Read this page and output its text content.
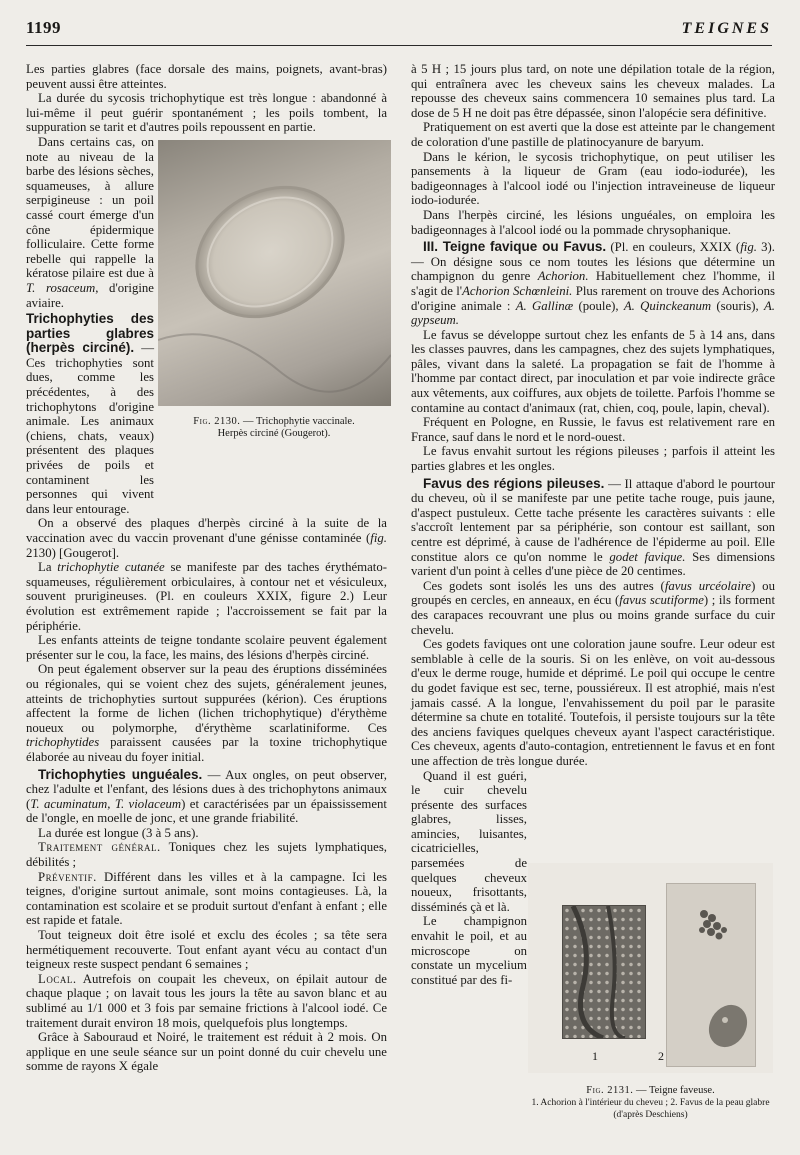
1199	TEIGNES
Fig. 2130. — Trichophytie vaccinale.
Herpès circiné (Gougerot).
1	2
Fig. 2131. — Teigne faveuse.
1. Achorion à l'intérieur du cheveu ; 2. Favus de la peau glabre (d'après Deschiens)

Les parties glabres (face dorsale des mains, poignets, avant-bras) peuvent aussi être atteintes.

La durée du sycosis trichophytique est très longue : abandonné à lui-même il peut guérir spontanément ; les poils tombent, la suppuration se tarit et d'autres poils repoussent en partie.

Dans certains cas, on note au niveau de la barbe des lésions sèches, squameuses, à allure serpigineuse : un poil cassé court émerge d'un cône épidermique folliculaire. Cette forme rebelle qui rappelle la kératose pilaire est due à T. rosaceum, d'origine aviaire.

Trichophyties des parties glabres (herpès circiné). — Ces trichophyties sont dues, comme les précédentes, à des trichophytons d'origine animale. Les animaux (chiens, chats, veaux) présentent des plaques privées de poils et contaminent les personnes qui vivent dans leur entourage.

On a observé des plaques d'herpès circiné à la suite de la vaccination avec du vaccin provenant d'une génisse contaminée (fig. 2130) [Gougerot].

La trichophytie cutanée se manifeste par des taches érythémato-squameuses, régulièrement orbiculaires, à contour net et vésiculeux, souvent prurigineuses. (Pl. en couleurs XXIX, figure 2.) Leur évolution est extrêmement rapide ; l'accroissement se fait par la périphérie.

Les enfants atteints de teigne tondante scolaire peuvent également présenter sur le cou, la face, les mains, des lésions d'herpès circiné.

On peut également observer sur la peau des éruptions disséminées ou régionales, qui se voient chez des sujets, généralement jeunes, atteints de trichophyties surtout suppurées (kérion). Ces éruptions affectent la forme de lichen (lichen trichophytique) d'érythème noueux ou polymorphe, d'érythème scarlatiniforme. Ces trichophytides paraissent causées par la toxine trichophytique élaborée au niveau du foyer initial.

Trichophyties unguéales. — Aux ongles, on peut observer, chez l'adulte et l'enfant, des lésions dues à des trichophytons animaux (T. acuminatum, T. violaceum) et caractérisées par un épaississement de l'ongle, en moelle de jonc, et une grande friabilité.

La durée est longue (3 à 5 ans).

Traitement général. Toniques chez les sujets lymphatiques, débilités ;

Préventif. Différent dans les villes et à la campagne. Ici les teignes, d'origine surtout animale, sont moins contagieuses. Là, la contamination est scolaire et se produit surtout d'enfant à enfant ; elle est rapide et fatale.

Tout teigneux doit être isolé et exclu des écoles ; sa tête sera hermétiquement recouverte. Tout enfant ayant vécu au contact d'un teigneux reste suspect pendant 6 semaines ;

Local. Autrefois on coupait les cheveux, on épilait autour de chaque plaque ; on lavait tous les jours la tête au savon blanc et au sublimé au 1/1 000 et 3 fois par semaine frictions à l'alcool iodé. Ce traitement durait environ 18 mois, quelquefois plus longtemps.

Grâce à Sabouraud et Noiré, le traitement est réduit à 2 mois. On applique en une seule séance sur un point donné du cuir chevelu une somme de rayons X égale

à 5 H ; 15 jours plus tard, on note une dépilation totale de la région, qui entraînera avec les cheveux sains les cheveux malades. La repousse des cheveux sains commencera 10 semaines plus tard. La dose de 5 H ne doit pas être dépassée, sinon l'alopécie sera définitive.

Pratiquement on est averti que la dose est atteinte par le changement de coloration d'une pastille de platinocyanure de baryum.

Dans le kérion, le sycosis trichophytique, on peut utiliser les pansements à la liqueur de Gram (eau iodo-iodurée), les badigeonnages à l'alcool iodé ou l'injection intraveineuse de liqueur iodo-iodurée.

Dans l'herpès circiné, les lésions unguéales, on emploira les badigeonnages à l'alcool iodé ou la pommade chrysophanique.

III. Teigne favique ou Favus. (Pl. en couleurs, XXIX (fig. 3). — On désigne sous ce nom toutes les lésions que détermine un champignon du genre Achorion. Habituellement chez l'homme, il s'agit de l'Achorion Schœnleini. Plus rarement on trouve des Achorions d'origine animale : A. Gallinæ (poule), A. Quinckeanum (souris), A. gypseum.

Le favus se développe surtout chez les enfants de 5 à 14 ans, dans les classes pauvres, dans les campagnes, chez des sujets lymphatiques, pâles, vivant dans la saleté. La propagation se fait de l'homme à l'homme par contact direct, par inoculation et par voie indirecte grâce aux vêtements, aux coiffures, aux objets de toilette. Parfois l'homme se contamine au contact d'animaux (rat, chien, coq, poule, lapin, cheval).

Fréquent en Pologne, en Russie, le favus est relativement rare en France, sauf dans le nord et le nord-ouest.

Le favus envahit surtout les régions pileuses ; parfois il atteint les parties glabres et les ongles.

Favus des régions pileuses. — Il attaque d'abord le pourtour du cheveu, où il se manifeste par une petite tache rouge, puis jaune, d'aspect pustuleux. Cette tache présente les caractères suivants : elle s'accroît lentement par sa périphérie, son contour est saillant, son centre est déprimé, à cause de l'adhérence de l'épiderme au poil. Elle constitue alors ce qu'on nomme le godet favique. Ses dimensions varient d'un point à celles d'une pièce de 20 centimes.

Ces godets sont isolés les uns des autres (favus urcéolaire) ou groupés en cercles, en anneaux, en écu (favus scutiforme) ; ils forment des carapaces recouvrant une plus ou moins grande surface du cuir chevelu.

Ces godets faviques ont une coloration jaune soufre. Leur odeur est semblable à celle de la souris. Si on les enlève, on voit au-dessous d'eux le derme rouge, humide et déprimé. Le poil qui occupe le centre du godet favique est sec, terne, poussiéreux. Il est atrophié, mais n'est jamais cassé. A la longue, l'envahissement du poil par le parasite détermine sa chute en totalité. Toutefois, il persiste toujours sur la tête des anciens faviques quelques cheveux ayant l'aspect caractéristique. Ces cheveux, agents d'auto-contagion, entretiennent le favus et en font une affection de très longue durée.

Quand il est guéri, le cuir chevelu présente des surfaces glabres, lisses, amincies, luisantes, cicatricielles, parsemées de quelques cheveux noueux, frisottants, disséminés çà et là.

Le champignon envahit le poil, et au microscope on constate un mycelium constitué par des fi-
